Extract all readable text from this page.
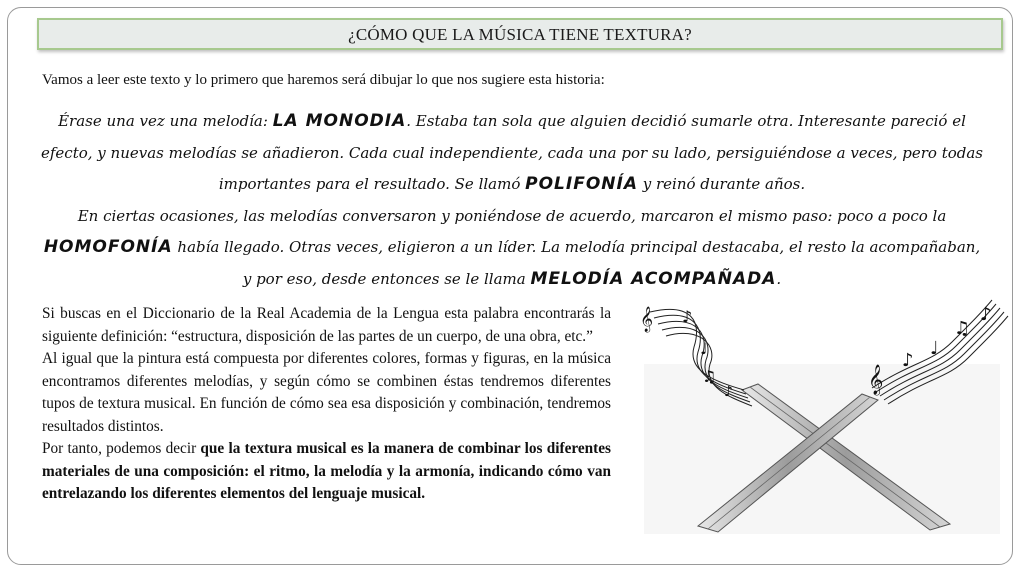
¿CÓMO QUE LA MÚSICA TIENE TEXTURA?
Vamos a leer este texto y lo primero que haremos será dibujar lo que nos sugiere esta historia:
Érase una vez una melodía: LA MONODIA. Estaba tan sola que alguien decidió sumarle otra. Interesante pareció el
efecto, y nuevas melodías se añadieron. Cada cual independiente, cada una por su lado, persiguiéndose a veces, pero todas
importantes para el resultado. Se llamó POLIFONÍA y reinó durante años.
En ciertas ocasiones, las melodías conversaron y poniéndose de acuerdo, marcaron el mismo paso: poco a poco la
HOMOFONÍA había llegado. Otras veces, eligieron a un líder. La melodía principal destacaba, el resto la acompañaban,
y por eso, desde entonces se le llama MELODÍA ACOMPAÑADA.

Si buscas en el Diccionario de la Real Academia de la Lengua esta palabra encontrarás la siguiente definición: “estructura, disposición de las partes de un cuerpo, de una obra, etc.”

Al igual que la pintura está compuesta por diferentes colores, formas y figuras, en la música encontramos diferentes melodías, y según cómo se combinen éstas tendremos diferentes tupos de textura musical. En función de cómo sea esa disposición y combinación, tendremos resultados distintos.

Por tanto, podemos decir que la textura musical es la manera de combinar los diferentes materiales de una composición: el ritmo, la melodía y la armonía, indicando cómo van entrelazando los diferentes elementos del lenguaje musical.

𝄞 ♪
♩
♫
♪	𝄞
♪
♩
♫
♪
